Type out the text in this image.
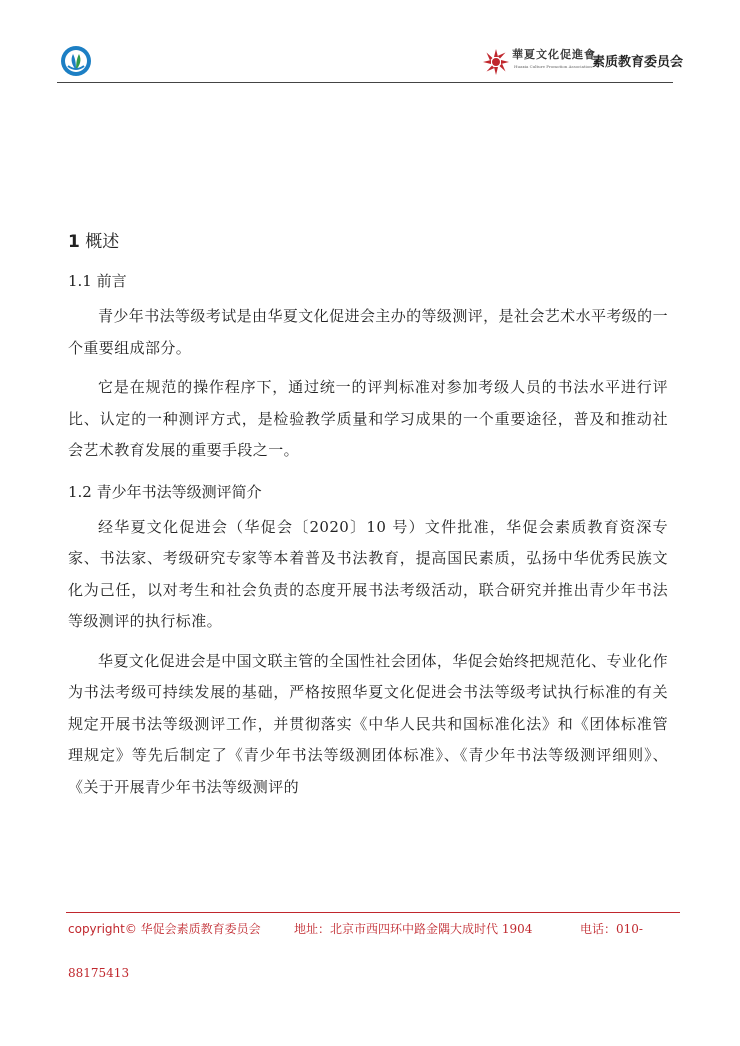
華夏文化促進會
Huaxia Culture Promotion Association 素质教育委员会
1 概述
1.1 前言

青少年书法等级考试是由华夏文化促进会主办的等级测评，是社会艺术水平考级的一个重要组成部分。

它是在规范的操作程序下，通过统一的评判标准对参加考级人员的书法水平进行评比、认定的一种测评方式，是检验教学质量和学习成果的一个重要途径，普及和推动社会艺术教育发展的重要手段之一。

1.2 青少年书法等级测评简介

经华夏文化促进会（华促会〔2020〕10 号）文件批准，华促会素质教育资深专家、书法家、考级研究专家等本着普及书法教育，提高国民素质，弘扬中华优秀民族文化为己任，以对考生和社会负责的态度开展书法考级活动，联合研究并推出青少年书法等级测评的执行标准。

华夏文化促进会是中国文联主管的全国性社会团体，华促会始终把规范化、专业化作为书法考级可持续发展的基础，严格按照华夏文化促进会书法等级考试执行标准的有关规定开展书法等级测评工作，并贯彻落实《中华人民共和国标准化法》和《团体标准管理规定》等先后制定了《青少年书法等级测团体标准》、《青少年书法等级测评细则》、《关于开展青少年书法等级测评的

copyright© 华促会素质教育委员会	地址：北京市西四环中路金隅大成时代 1904	电话：010-
88175413
